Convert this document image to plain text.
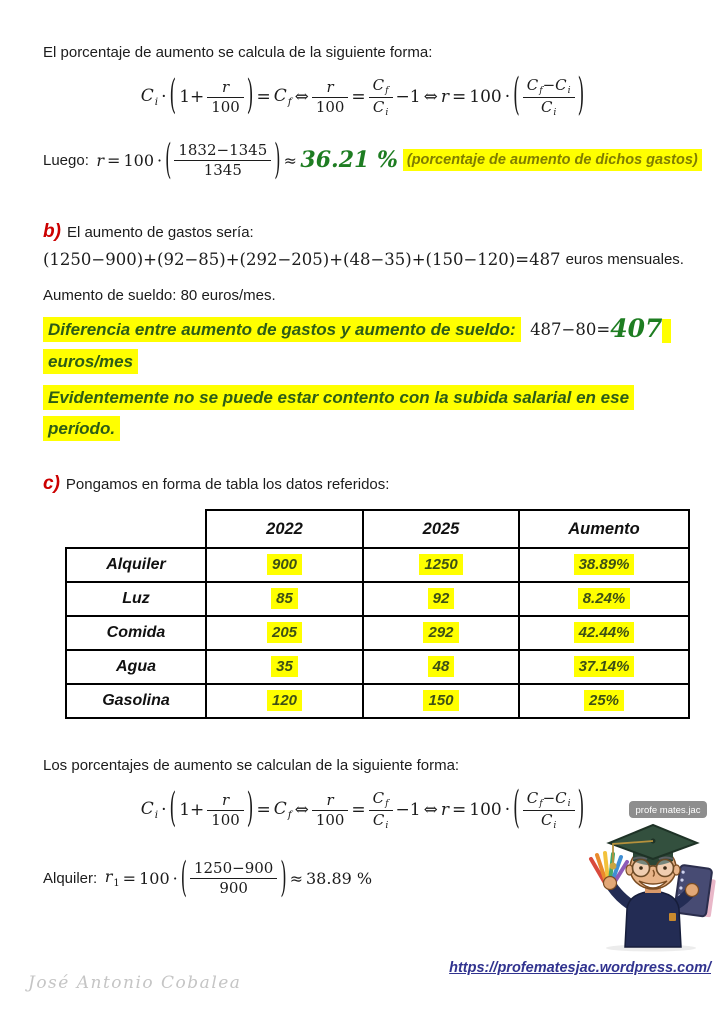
El porcentaje de aumento se calcula de la siguiente forma:
$C_i$ · ( $1+ \frac{r}{100}$ ) = $C_f$ ⇔ $\frac{r}{100} = \frac{C_f}{C_i} -1$ ⇔ r = 100 · ( $\frac{C_f-C_i}{C_i}$ )
Luego: r = 100 · ( $\frac{1832-1345}{1345}$ ) ≈ 36.21 % (porcentaje de aumento de dichos gastos)
b) El aumento de gastos sería:
(1250−900)+(92−85)+(292−205)+(48−35)+(150−120)=487 euros mensuales.
Aumento de sueldo: 80 euros/mes.
Diferencia entre aumento de gastos y aumento de sueldo: 487−80=407
euros/mes
Evidentemente no se puede estar contento con la subida salarial en ese
período.
c) Pongamos en forma de tabla los datos referidos:
	2022	2025	Aumento
Alquiler	900	1250	38.89%
Luz	85	92	8.24%
Comida	205	292	42.44%
Agua	35	48	37.14%
Gasolina	120	150	25%
Los porcentajes de aumento se calculan de la siguiente forma:
$C_i$ · ( $1+ \frac{r}{100}$ ) = $C_f$ ⇔ $\frac{r}{100} = \frac{C_f}{C_i} -1$ ⇔ r = 100 · ( $\frac{C_f-C_i}{C_i}$ )
Alquiler: $r_1 = 100$ · ( $\frac{1250-900}{900}$ ) ≈ 38.89 %
profe mates.jac
https://profematesjac.wordpress.com/
José Antonio Cobalea
